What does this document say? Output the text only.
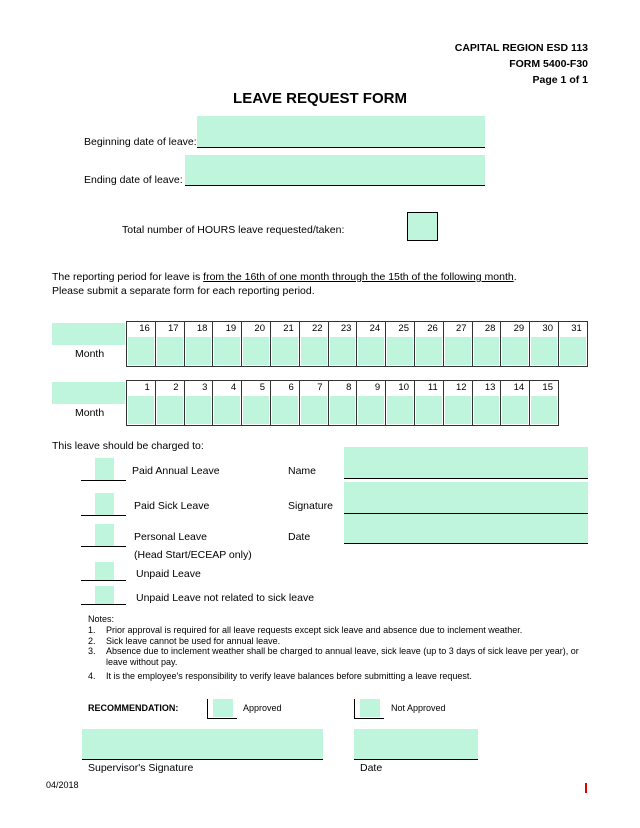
CAPITAL REGION ESD 113
FORM 5400-F30
Page 1 of 1
LEAVE REQUEST FORM
Beginning date of leave:
Ending date of leave:
Total number of HOURS leave requested/taken:
The reporting period for leave is from the 16th of one month through the 15th of the following month.
Please submit a separate form for each reporting period.
Month
16 17 18 19 20 21 22 23 24 25 26 27 28 29 30 31
Month
1 2 3 4 5 6 7 8 9 10 11 12 13 14 15
This leave should be charged to:
Paid Annual Leave
Paid Sick Leave
Personal Leave
(Head Start/ECEAP only)
Unpaid Leave
Unpaid Leave not related to sick leave
Name
Signature
Date
Notes:
1.	Prior approval is required for all leave requests except sick leave and absence due to inclement weather.
2.	Sick leave cannot be used for annual leave.
3.	Absence due to inclement weather shall be charged to annual leave, sick leave (up to 3 days of sick leave per year), or leave without pay.
4.	It is the employee's responsibility to verify leave balances before submitting a leave request.
RECOMMENDATION:	Approved	Not Approved
Supervisor's Signature	Date
04/2018
